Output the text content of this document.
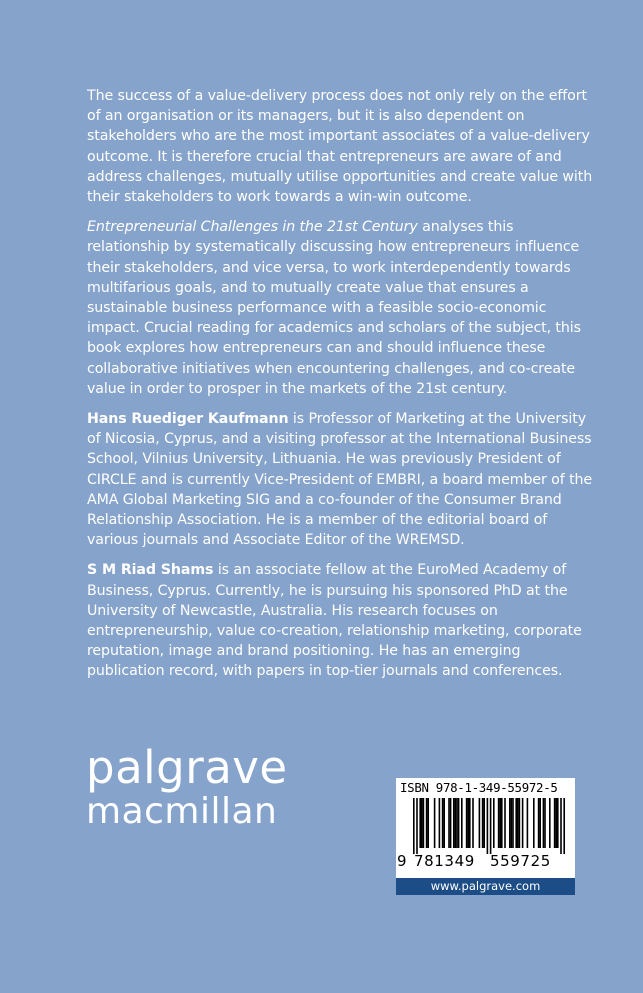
The success of a value-delivery process does not only rely on the effort of an organisation or its managers, but it is also dependent on stakeholders who are the most important associates of a value-delivery outcome. It is therefore crucial that entrepreneurs are aware of and address challenges, mutually utilise opportunities and create value with their stakeholders to work towards a win-win outcome.

Entrepreneurial Challenges in the 21st Century analyses this relationship by systematically discussing how entrepreneurs influence their stakeholders, and vice versa, to work interdependently towards multifarious goals, and to mutually create value that ensures a sustainable business performance with a feasible socio-economic impact. Crucial reading for academics and scholars of the subject, this book explores how entrepreneurs can and should influence these collaborative initiatives when encountering challenges, and co-create value in order to prosper in the markets of the 21st century.

Hans Ruediger Kaufmann is Professor of Marketing at the University of Nicosia, Cyprus, and a visiting professor at the International Business School, Vilnius University, Lithuania. He was previously President of CIRCLE and is currently Vice-President of EMBRI, a board member of the AMA Global Marketing SIG and a co-founder of the Consumer Brand Relationship Association. He is a member of the editorial board of various journals and Associate Editor of the WREMSD.

S M Riad Shams is an associate fellow at the EuroMed Academy of Business, Cyprus. Currently, he is pursuing his sponsored PhD at the University of Newcastle, Australia. His research focuses on entrepreneurship, value co-creation, relationship marketing, corporate reputation, image and brand positioning. He has an emerging publication record, with papers in top-tier journals and conferences.

palgrave
macmillan
ISBN 978-1-349-55972-5
9 781349 559725
www.palgrave.com
